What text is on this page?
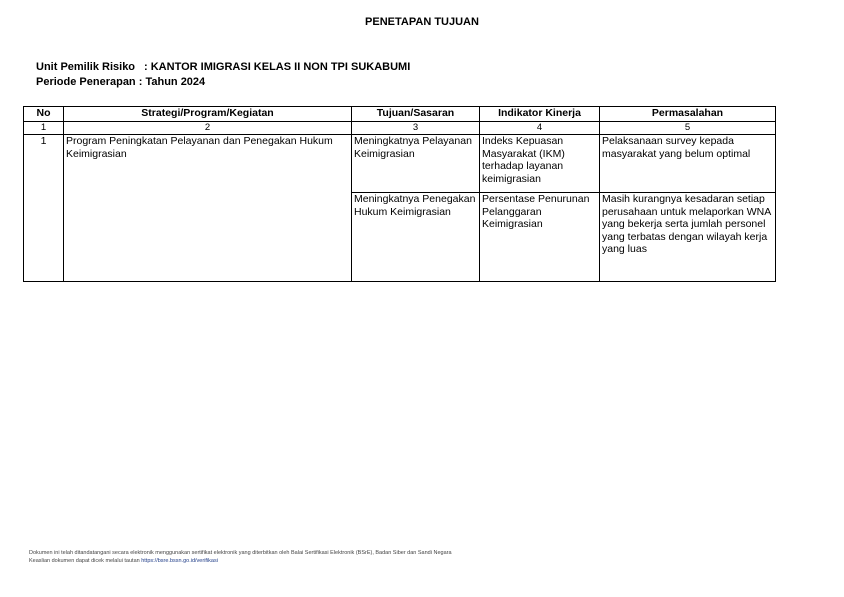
PENETAPAN TUJUAN
Unit Pemilik Risiko : KANTOR IMIGRASI KELAS II NON TPI SUKABUMI
Periode Penerapan : Tahun 2024
No	Strategi/Program/Kegiatan	Tujuan/Sasaran	Indikator Kinerja	Permasalahan
1	2	3	4	5
1	Program Peningkatan Pelayanan dan Penegakan Hukum Keimigrasian	Meningkatnya Pelayanan Keimigrasian	Indeks Kepuasan Masyarakat (IKM) terhadap layanan keimigrasian	Pelaksanaan survey kepada masyarakat yang belum optimal
		Meningkatnya Penegakan Hukum Keimigrasian	Persentase Penurunan Pelanggaran Keimigrasian	Masih kurangnya kesadaran setiap perusahaan untuk melaporkan WNA yang bekerja serta jumlah personel yang terbatas dengan wilayah kerja yang luas
Dokumen ini telah ditandatangani secara elektronik menggunakan sertifikat elektronik yang diterbitkan oleh Balai Sertifikasi Elektronik (BSrE), Badan Siber dan Sandi Negara
Keaslian dokumen dapat dicek melalui tautan https://bsre.bssn.go.id/verifikasi
